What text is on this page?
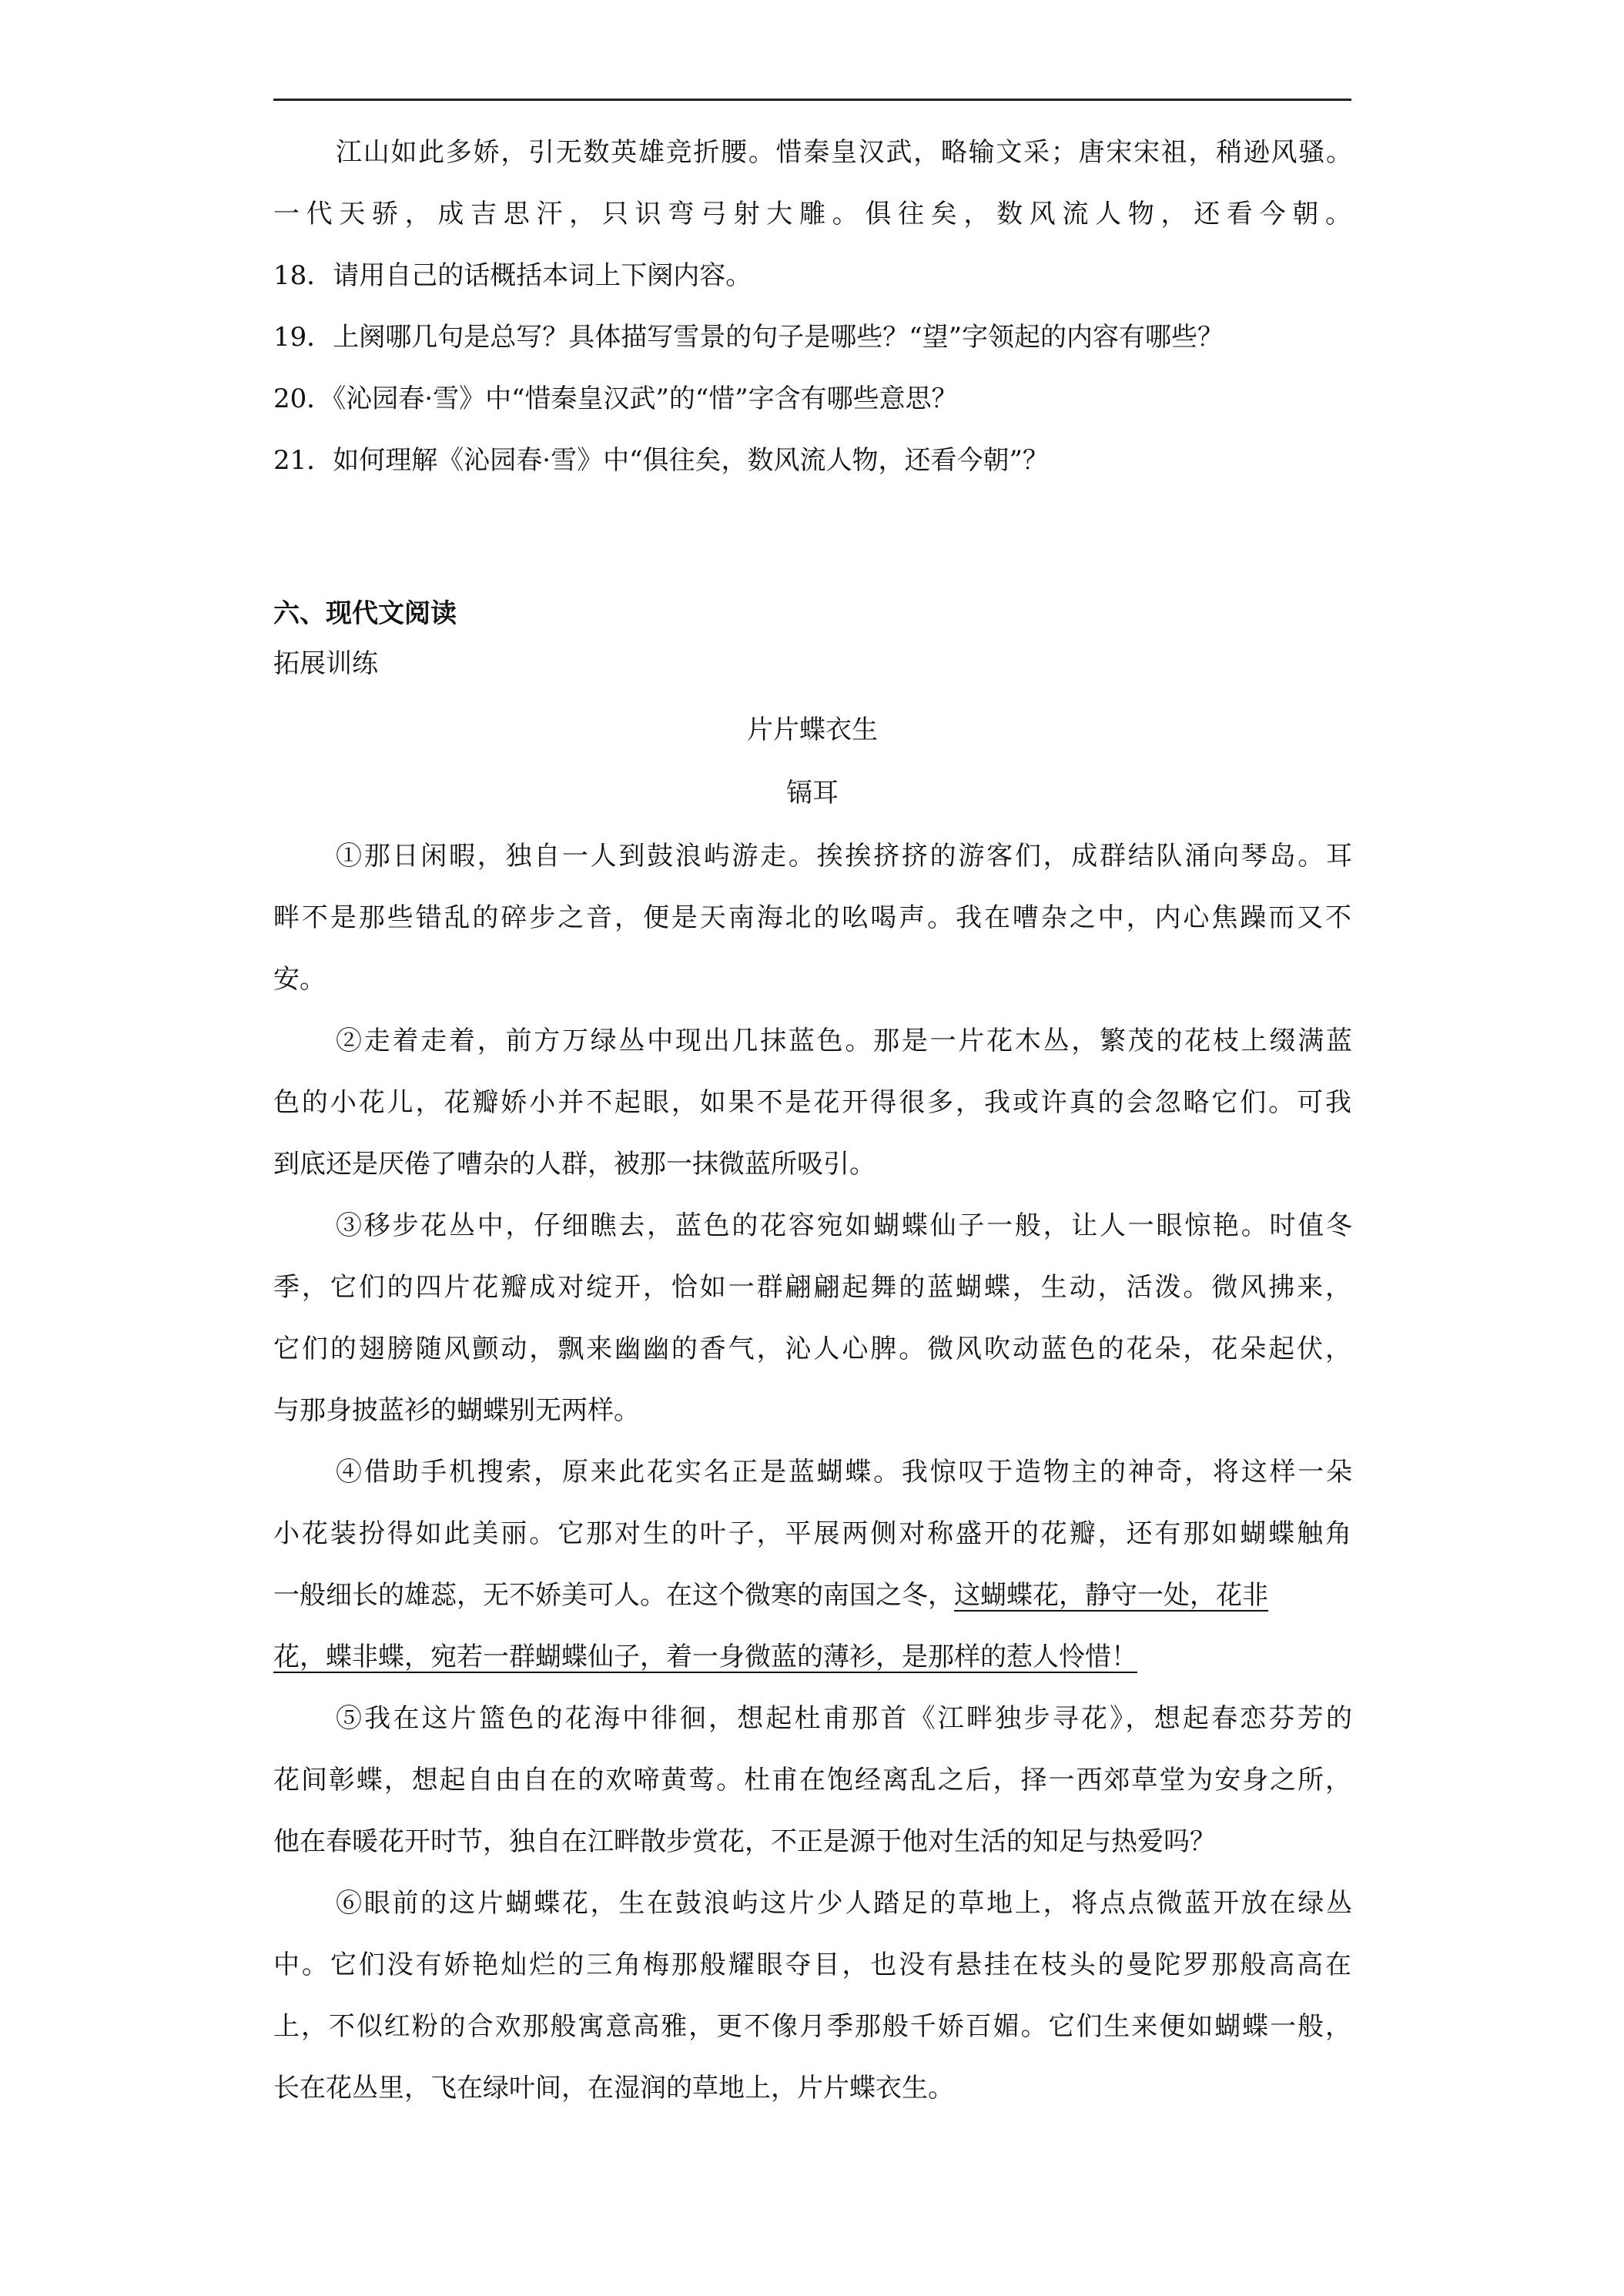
江山如此多娇，引无数英雄竞折腰。惜秦皇汉武，略输文采；唐宋宋祖，稍逊风骚。
一代天骄，成吉思汗，只识弯弓射大雕。俱往矣，数风流人物，还看今朝。
18．请用自己的话概括本词上下阕内容。
19．上阕哪几句是总写？具体描写雪景的句子是哪些？“望”字领起的内容有哪些？
20．《沁园春·雪》中“惜秦皇汉武”的“惜”字含有哪些意思？
21．如何理解《沁园春·雪》中“俱往矣，数风流人物，还看今朝”？
六、现代文阅读
拓展训练
片片蝶衣生
镉耳
①那日闲暇，独自一人到鼓浪屿游走。挨挨挤挤的游客们，成群结队涌向琴岛。耳
畔不是那些错乱的碎步之音，便是天南海北的吆喝声。我在嘈杂之中，内心焦躁而又不
安。
②走着走着，前方万绿丛中现出几抹蓝色。那是一片花木丛，繁茂的花枝上缀满蓝
色的小花儿，花瓣娇小并不起眼，如果不是花开得很多，我或许真的会忽略它们。可我
到底还是厌倦了嘈杂的人群，被那一抹微蓝所吸引。
③移步花丛中，仔细瞧去，蓝色的花容宛如蝴蝶仙子一般，让人一眼惊艳。时值冬
季，它们的四片花瓣成对绽开，恰如一群翩翩起舞的蓝蝴蝶，生动，活泼。微风拂来，
它们的翅膀随风颤动，飘来幽幽的香气，沁人心脾。微风吹动蓝色的花朵，花朵起伏，
与那身披蓝衫的蝴蝶别无两样。
④借助手机搜索，原来此花实名正是蓝蝴蝶。我惊叹于造物主的神奇，将这样一朵
小花装扮得如此美丽。它那对生的叶子，平展两侧对称盛开的花瓣，还有那如蝴蝶触角
一般细长的雄蕊，无不娇美可人。在这个微寒的南国之冬，这蝴蝶花，静守一处，花非
花，蝶非蝶，宛若一群蝴蝶仙子，着一身微蓝的薄衫，是那样的惹人怜惜！
⑤我在这片篮色的花海中徘徊，想起杜甫那首《江畔独步寻花》，想起春恋芬芳的
花间彰蝶，想起自由自在的欢啼黄莺。杜甫在饱经离乱之后，择一西郊草堂为安身之所，
他在春暖花开时节，独自在江畔散步赏花，不正是源于他对生活的知足与热爱吗？
⑥眼前的这片蝴蝶花，生在鼓浪屿这片少人踏足的草地上，将点点微蓝开放在绿丛
中。它们没有娇艳灿烂的三角梅那般耀眼夺目，也没有悬挂在枝头的曼陀罗那般高高在
上，不似红粉的合欢那般寓意高雅，更不像月季那般千娇百媚。它们生来便如蝴蝶一般，
长在花丛里，飞在绿叶间，在湿润的草地上，片片蝶衣生。
